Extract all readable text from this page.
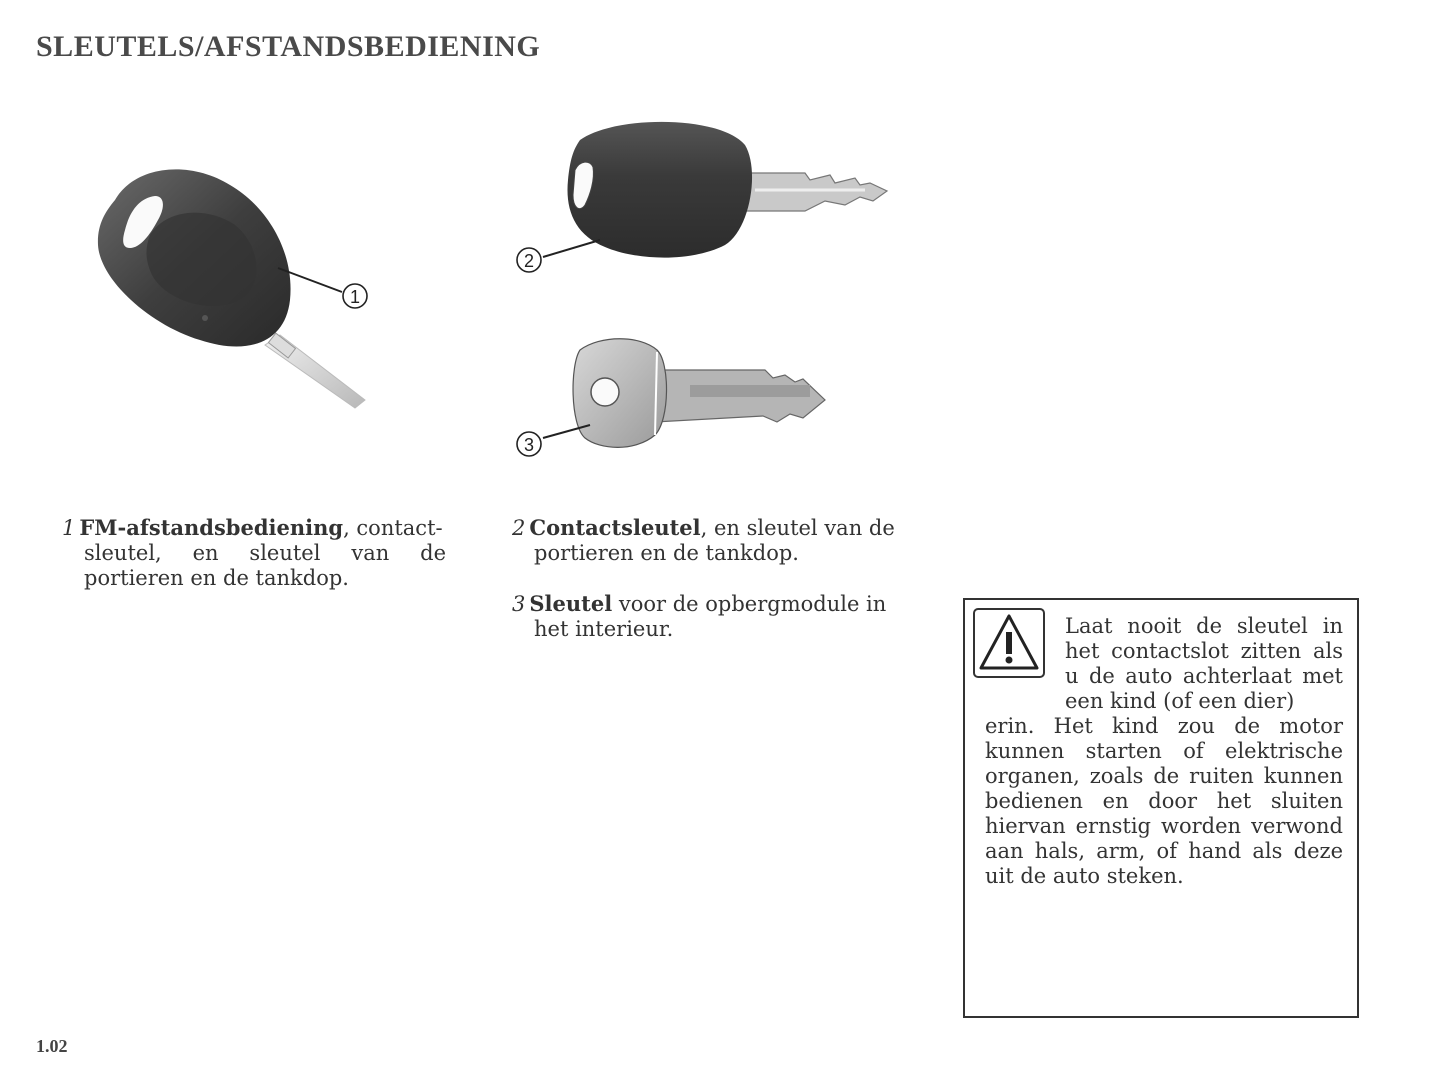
SLEUTELS/AFSTANDSBEDIENING
1
2
3
1 FM-afstandsbediening, contact-
sleutel, en sleutel van de portieren en de tankdop.
2 Contactsleutel, en sleutel van de
portieren en de tankdop.
3 Sleutel voor de opbergmodule in
het interieur.	Laat nooit de sleutel in het contactslot zitten als u de auto achterlaat met een kind (of een dier)
erin. Het kind zou de motor kunnen starten of elektrische organen, zoals de ruiten kunnen bedienen en door het sluiten hiervan ernstig worden verwond aan hals, arm, of hand als deze uit de auto steken.
1.02
